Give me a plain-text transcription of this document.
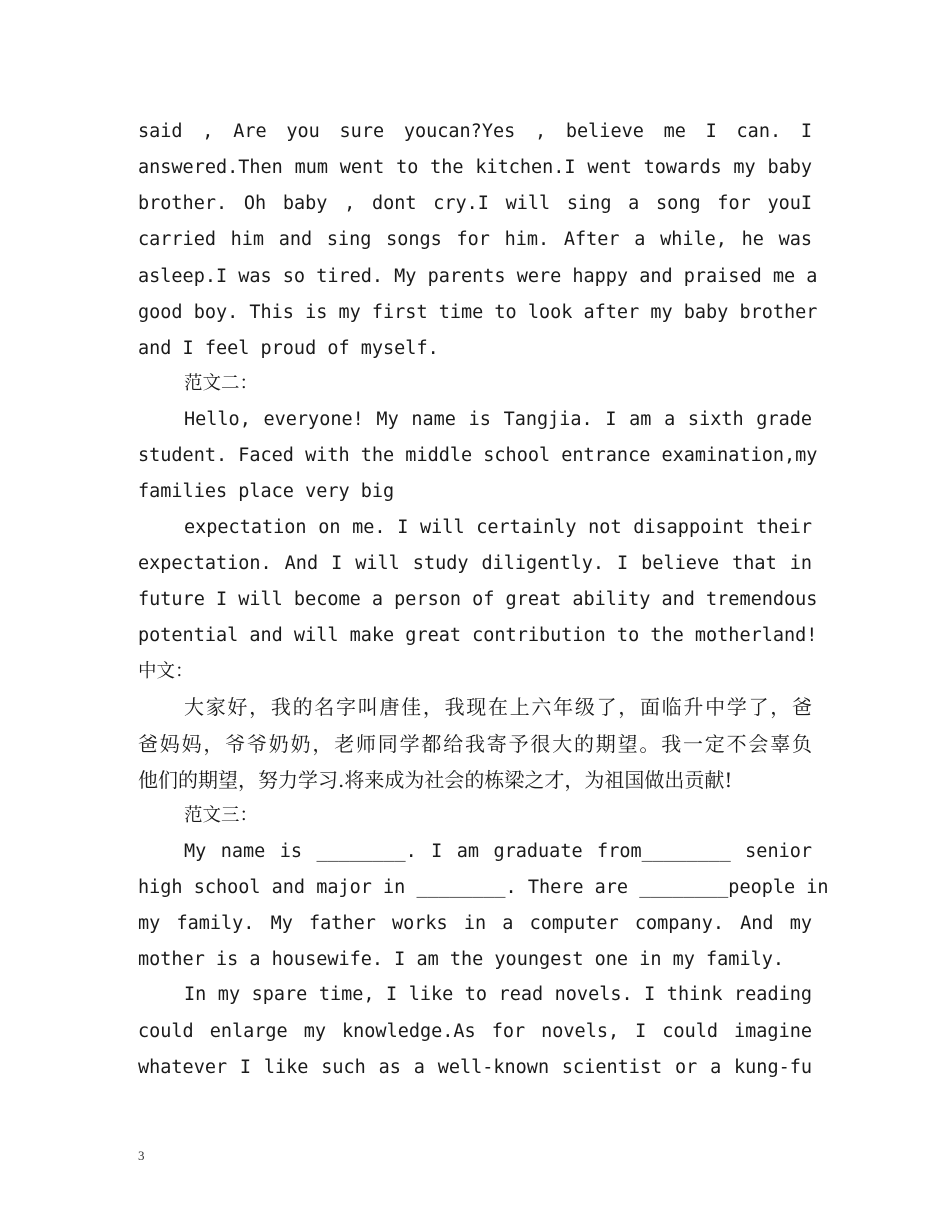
said , Are you sure youcan?Yes , believe me I can. I
answered.Then mum went to the kitchen.I went towards my baby
brother. Oh baby , dont cry.I will sing a song for youI
carried him and sing songs for him. After a while, he was
asleep.I was so tired. My parents were happy and praised me a
good boy. This is my first time to look after my baby brother
and I feel proud of myself.
范文二：
Hello, everyone! My name is Tangjia. I am a sixth grade
student. Faced with the middle school entrance examination,my
families place very big
expectation on me. I will certainly not disappoint their
expectation. And I will study diligently. I believe that in
future I will become a person of great ability and tremendous
potential and will make great contribution to the motherland!
中文：
大家好，我的名字叫唐佳，我现在上六年级了，面临升中学了，爸
爸妈妈，爷爷奶奶，老师同学都给我寄予很大的期望。我一定不会辜负
他们的期望，努力学习.将来成为社会的栋梁之才，为祖国做出贡献!
范文三：
My name is ________. I am graduate from________ senior
high school and major in ________. There are ________people in
my family. My father works in a computer company. And my
mother is a housewife. I am the youngest one in my family.
In my spare time, I like to read novels. I think reading
could enlarge my knowledge.As for novels, I could imagine
whatever I like such as a well-known scientist or a kung-fu
3
